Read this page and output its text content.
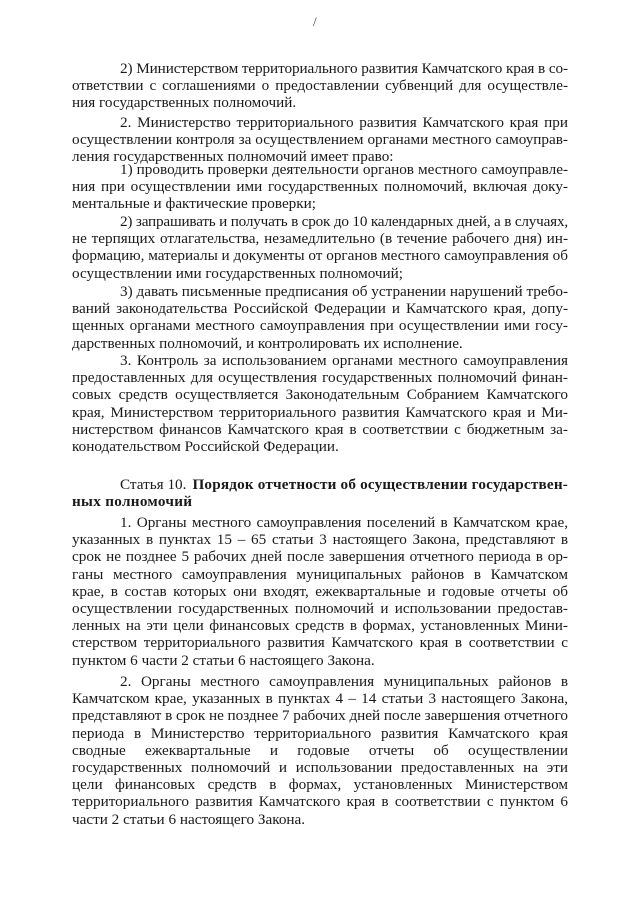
/
2) Министерством территориального развития Камчатского края в со-
ответствии с соглашениями о предоставлении субвенций для осуществле-
ния государственных полномочий.
2. Министерство территориального развития Камчатского края при
осуществлении контроля за осуществлением органами местного самоуправ-
ления государственных полномочий имеет право:
1) проводить проверки деятельности органов местного самоуправле-
ния при осуществлении ими государственных полномочий, включая доку-
ментальные и фактические проверки;
2) запрашивать и получать в срок до 10 календарных дней, а в случаях,
не терпящих отлагательства, незамедлительно (в течение рабочего дня) ин-
формацию, материалы и документы от органов местного самоуправления об
осуществлении ими государственных полномочий;
3) давать письменные предписания об устранении нарушений требо-
ваний законодательства Российской Федерации и Камчатского края, допу-
щенных органами местного самоуправления при осуществлении ими госу-
дарственных полномочий, и контролировать их исполнение.
3. Контроль за использованием органами местного самоуправления
предоставленных для осуществления государственных полномочий финан-
совых средств осуществляется Законодательным Собранием Камчатского
края, Министерством территориального развития Камчатского края и Ми-
нистерством финансов Камчатского края в соответствии с бюджетным за-
конодательством Российской Федерации.
Статья 10. Порядок отчетности об осуществлении государствен-
ных полномочий
1. Органы местного самоуправления поселений в Камчатском крае,
указанных в пунктах 15 – 65 статьи 3 настоящего Закона, представляют в
срок не позднее 5 рабочих дней после завершения отчетного периода в ор-
ганы местного самоуправления муниципальных районов в Камчатском
крае, в состав которых они входят, ежеквартальные и годовые отчеты об
осуществлении государственных полномочий и использовании предостав-
ленных на эти цели финансовых средств в формах, установленных Мини-
стерством территориального развития Камчатского края в соответствии с
пунктом 6 части 2 статьи 6 настоящего Закона.
2. Органы местного самоуправления муниципальных районов в
Камчатском крае, указанных в пунктах 4 – 14 статьи 3 настоящего Закона,
представляют в срок не позднее 7 рабочих дней после завершения отчетного
периода в Министерство территориального развития Камчатского края
сводные ежеквартальные и годовые отчеты об осуществлении
государственных полномочий и использовании предоставленных на эти
цели финансовых средств в формах, установленных Министерством
территориального развития Камчатского края в соответствии с пунктом 6
части 2 статьи 6 настоящего Закона.
